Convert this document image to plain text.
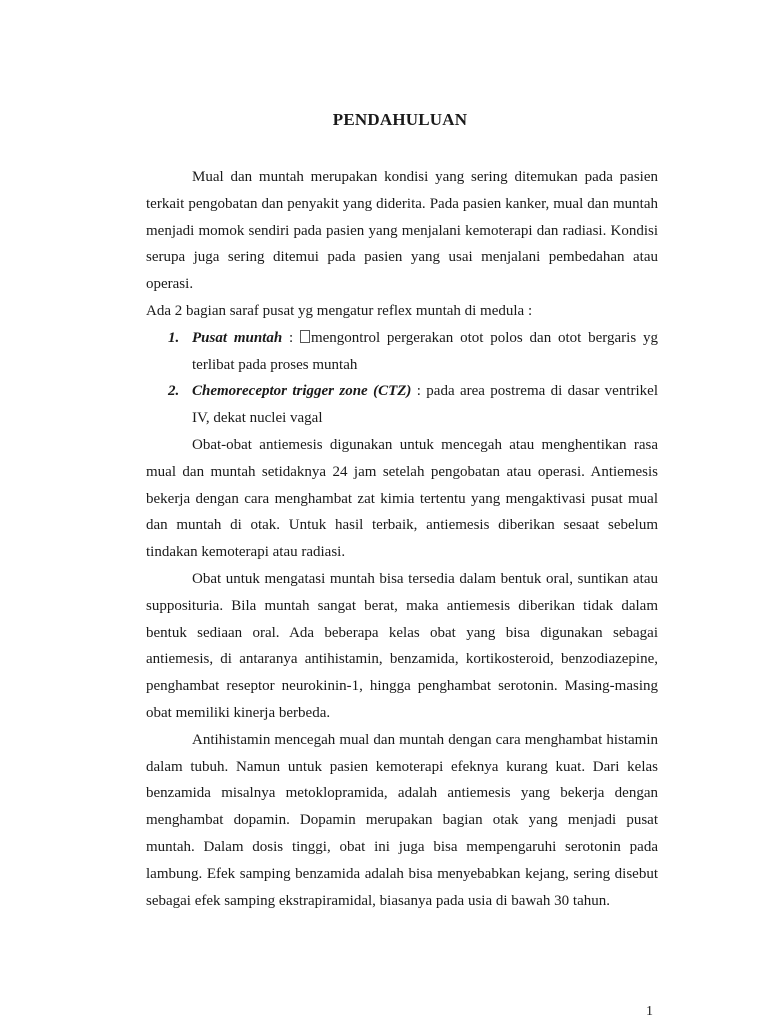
PENDAHULUAN

Mual dan muntah merupakan kondisi yang sering ditemukan pada pasien terkait pengobatan dan penyakit yang diderita. Pada pasien kanker, mual dan muntah menjadi momok sendiri pada pasien yang menjalani kemoterapi dan radiasi. Kondisi serupa juga sering ditemui pada pasien yang usai menjalani pembedahan atau operasi.

Ada 2 bagian saraf pusat yg mengatur reflex muntah di medula :

1. Pusat muntah : mengontrol pergerakan otot polos dan otot bergaris yg terlibat pada proses muntah
2. Chemoreceptor trigger zone (CTZ) : pada area postrema di dasar ventrikel IV, dekat nuclei vagal

Obat-obat antiemesis digunakan untuk mencegah atau menghentikan rasa mual dan muntah setidaknya 24 jam setelah pengobatan atau operasi. Antiemesis bekerja dengan cara menghambat zat kimia tertentu yang mengaktivasi pusat mual dan muntah di otak. Untuk hasil terbaik, antiemesis diberikan sesaat sebelum tindakan kemoterapi atau radiasi.

Obat untuk mengatasi muntah bisa tersedia dalam bentuk oral, suntikan atau supposituria. Bila muntah sangat berat, maka antiemesis diberikan tidak dalam bentuk sediaan oral. Ada beberapa kelas obat yang bisa digunakan sebagai antiemesis, di antaranya antihistamin, benzamida, kortikosteroid, benzodiazepine, penghambat reseptor neurokinin-1, hingga penghambat serotonin. Masing-masing obat memiliki kinerja berbeda.

Antihistamin mencegah mual dan muntah dengan cara menghambat histamin dalam tubuh. Namun untuk pasien kemoterapi efeknya kurang kuat. Dari kelas benzamida misalnya metoklopramida, adalah antiemesis yang bekerja dengan menghambat dopamin. Dopamin merupakan bagian otak yang menjadi pusat muntah. Dalam dosis tinggi, obat ini juga bisa mempengaruhi serotonin pada lambung. Efek samping benzamida adalah bisa menyebabkan kejang, sering disebut sebagai efek samping ekstrapiramidal, biasanya pada usia di bawah 30 tahun.

1
